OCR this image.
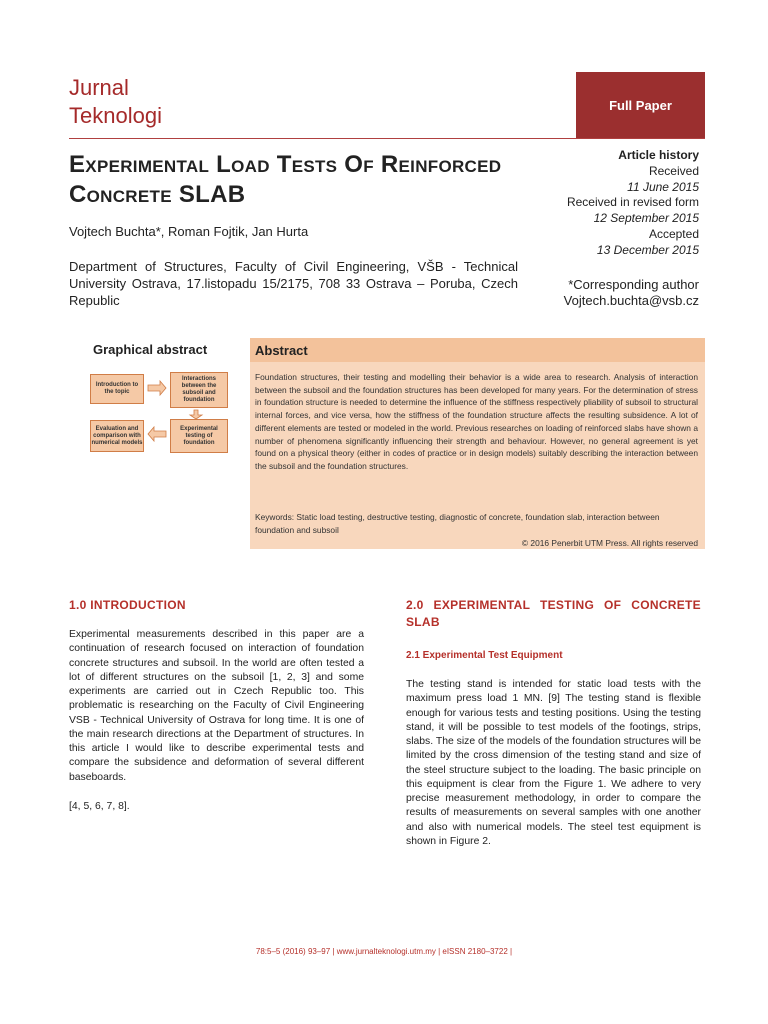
Jurnal
Teknologi	Full Paper
Experimental Load Tests Of Reinforced Concrete SLAB
Vojtech Buchta*, Roman Fojtik, Jan Hurta
Department of Structures, Faculty of Civil Engineering, VŠB - Technical University Ostrava, 17.listopadu 15/2175, 708 33 Ostrava – Poruba, Czech Republic
Article history
Received
11 June 2015
Received in revised form
12 September 2015
Accepted
13 December 2015
*Corresponding author
Vojtech.buchta@vsb.cz
Graphical abstract
Introduction to the topic
Interactions between the subsoil and foundation
Evaluation and comparison with numerical models
Experimental testing of foundation
Abstract
Foundation structures, their testing and modelling their behavior is a wide area to research. Analysis of interaction between the subsoil and the foundation structures has been developed for many years. For the determination of stress in foundation structure is needed to determine the influence of the stiffness respectively pliability of subsoil to structural internal forces, and vice versa, how the stiffness of the foundation structure affects the resulting subsidence. A lot of different elements are tested or modeled in the world. Previous researches on loading of reinforced slabs have shown a number of phenomena significantly influencing their strength and behaviour. However, no general agreement is yet found on a physical theory (either in codes of practice or in design models) suitably describing the interaction between the subsoil and the foundation structures.
Keywords: Static load testing, destructive testing, diagnostic of concrete, foundation slab, interaction between foundation and subsoil
© 2016 Penerbit UTM Press. All rights reserved
1.0 INTRODUCTION
Experimental measurements described in this paper are a continuation of research focused on interaction of foundation concrete structures and subsoil. In the world are often tested a lot of different structures on the subsoil [1, 2, 3] and some experiments are carried out in Czech Republic too. This problematic is researching on the Faculty of Civil Engineering VSB - Technical University of Ostrava for long time. It is one of the main research directions at the Department of structures. In this article I would like to describe experimental tests and compare the subsidence and deformation of several different baseboards.
[4, 5, 6, 7, 8].
2.0 EXPERIMENTAL TESTING OF CONCRETE SLAB
2.1 Experimental Test Equipment
The testing stand is intended for static load tests with the maximum press load 1 MN. [9] The testing stand is flexible enough for various tests and testing positions. Using the testing stand, it will be possible to test models of the footings, strips, slabs. The size of the models of the foundation structures will be limited by the cross dimension of the testing stand and size of the steel structure subject to the loading. The basic principle on this equipment is clear from the Figure 1. We adhere to very precise measurement methodology, in order to compare the results of measurements on several samples with one another and also with numerical models. The steel test equipment is shown in Figure 2.
78:5–5 (2016) 93–97 | www.jurnalteknologi.utm.my | eISSN 2180–3722 |
